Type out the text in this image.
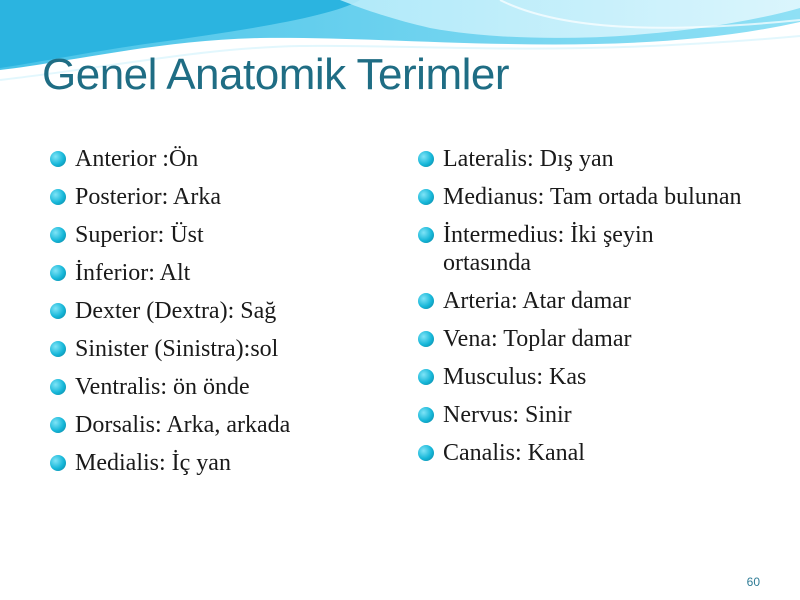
Genel Anatomik Terimler
Anterior :Ön
Posterior: Arka
Superior: Üst
İnferior: Alt
Dexter (Dextra): Sağ
Sinister (Sinistra):sol
Ventralis: ön önde
Dorsalis: Arka, arkada
Medialis: İç yan
Lateralis: Dış yan
Medianus: Tam ortada bulunan
İntermedius: İki şeyin ortasında
Arteria: Atar damar
Vena: Toplar damar
Musculus: Kas
Nervus: Sinir
Canalis: Kanal
60
